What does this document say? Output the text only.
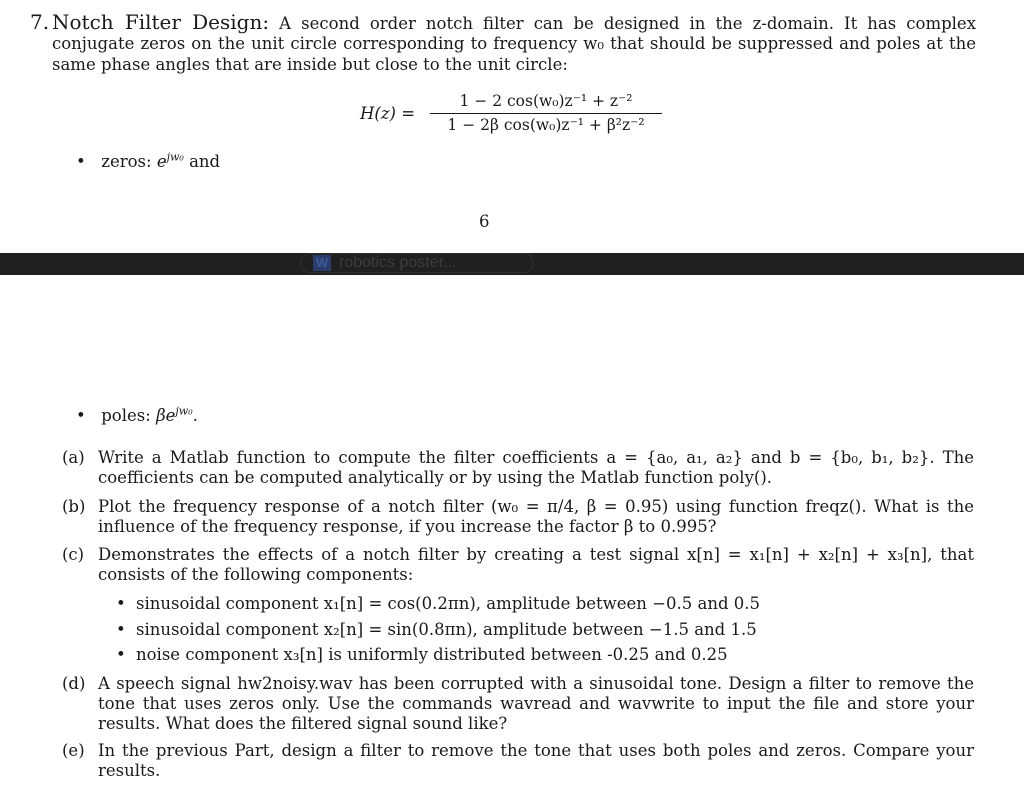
7. Notch Filter Design: A second order notch filter can be designed in the z-domain. It has complex conjugate zeros on the unit circle corresponding to frequency w₀ that should be suppressed and poles at the same phase angles that are inside but close to the unit circle:
H(z) =
1 − 2 cos(w₀)z⁻¹ + z⁻²
1 − 2β cos(w₀)z⁻¹ + β²z⁻²
• zeros: $e^{jw_0}$ and
6
W robotics poster...
• poles: $\beta e^{jw_0}$.
(a) Write a Matlab function to compute the filter coefficients a = {a₀, a₁, a₂} and b = {b₀, b₁, b₂}. The coefficients can be computed analytically or by using the Matlab function poly().
(b) Plot the frequency response of a notch filter (w₀ = π/4, β = 0.95) using function freqz(). What is the influence of the frequency response, if you increase the factor β to 0.995?
(c) Demonstrates the effects of a notch filter by creating a test signal x[n] = x₁[n] + x₂[n] + x₃[n], that consists of the following components:
• sinusoidal component x₁[n] = cos(0.2πn), amplitude between −0.5 and 0.5
• sinusoidal component x₂[n] = sin(0.8πn), amplitude between −1.5 and 1.5
• noise component x₃[n] is uniformly distributed between -0.25 and 0.25
(d) A speech signal hw2noisy.wav has been corrupted with a sinusoidal tone. Design a filter to remove the tone that uses zeros only. Use the commands wavread and wavwrite to input the file and store your results. What does the filtered signal sound like?
(e) In the previous Part, design a filter to remove the tone that uses both poles and zeros. Compare your results.
